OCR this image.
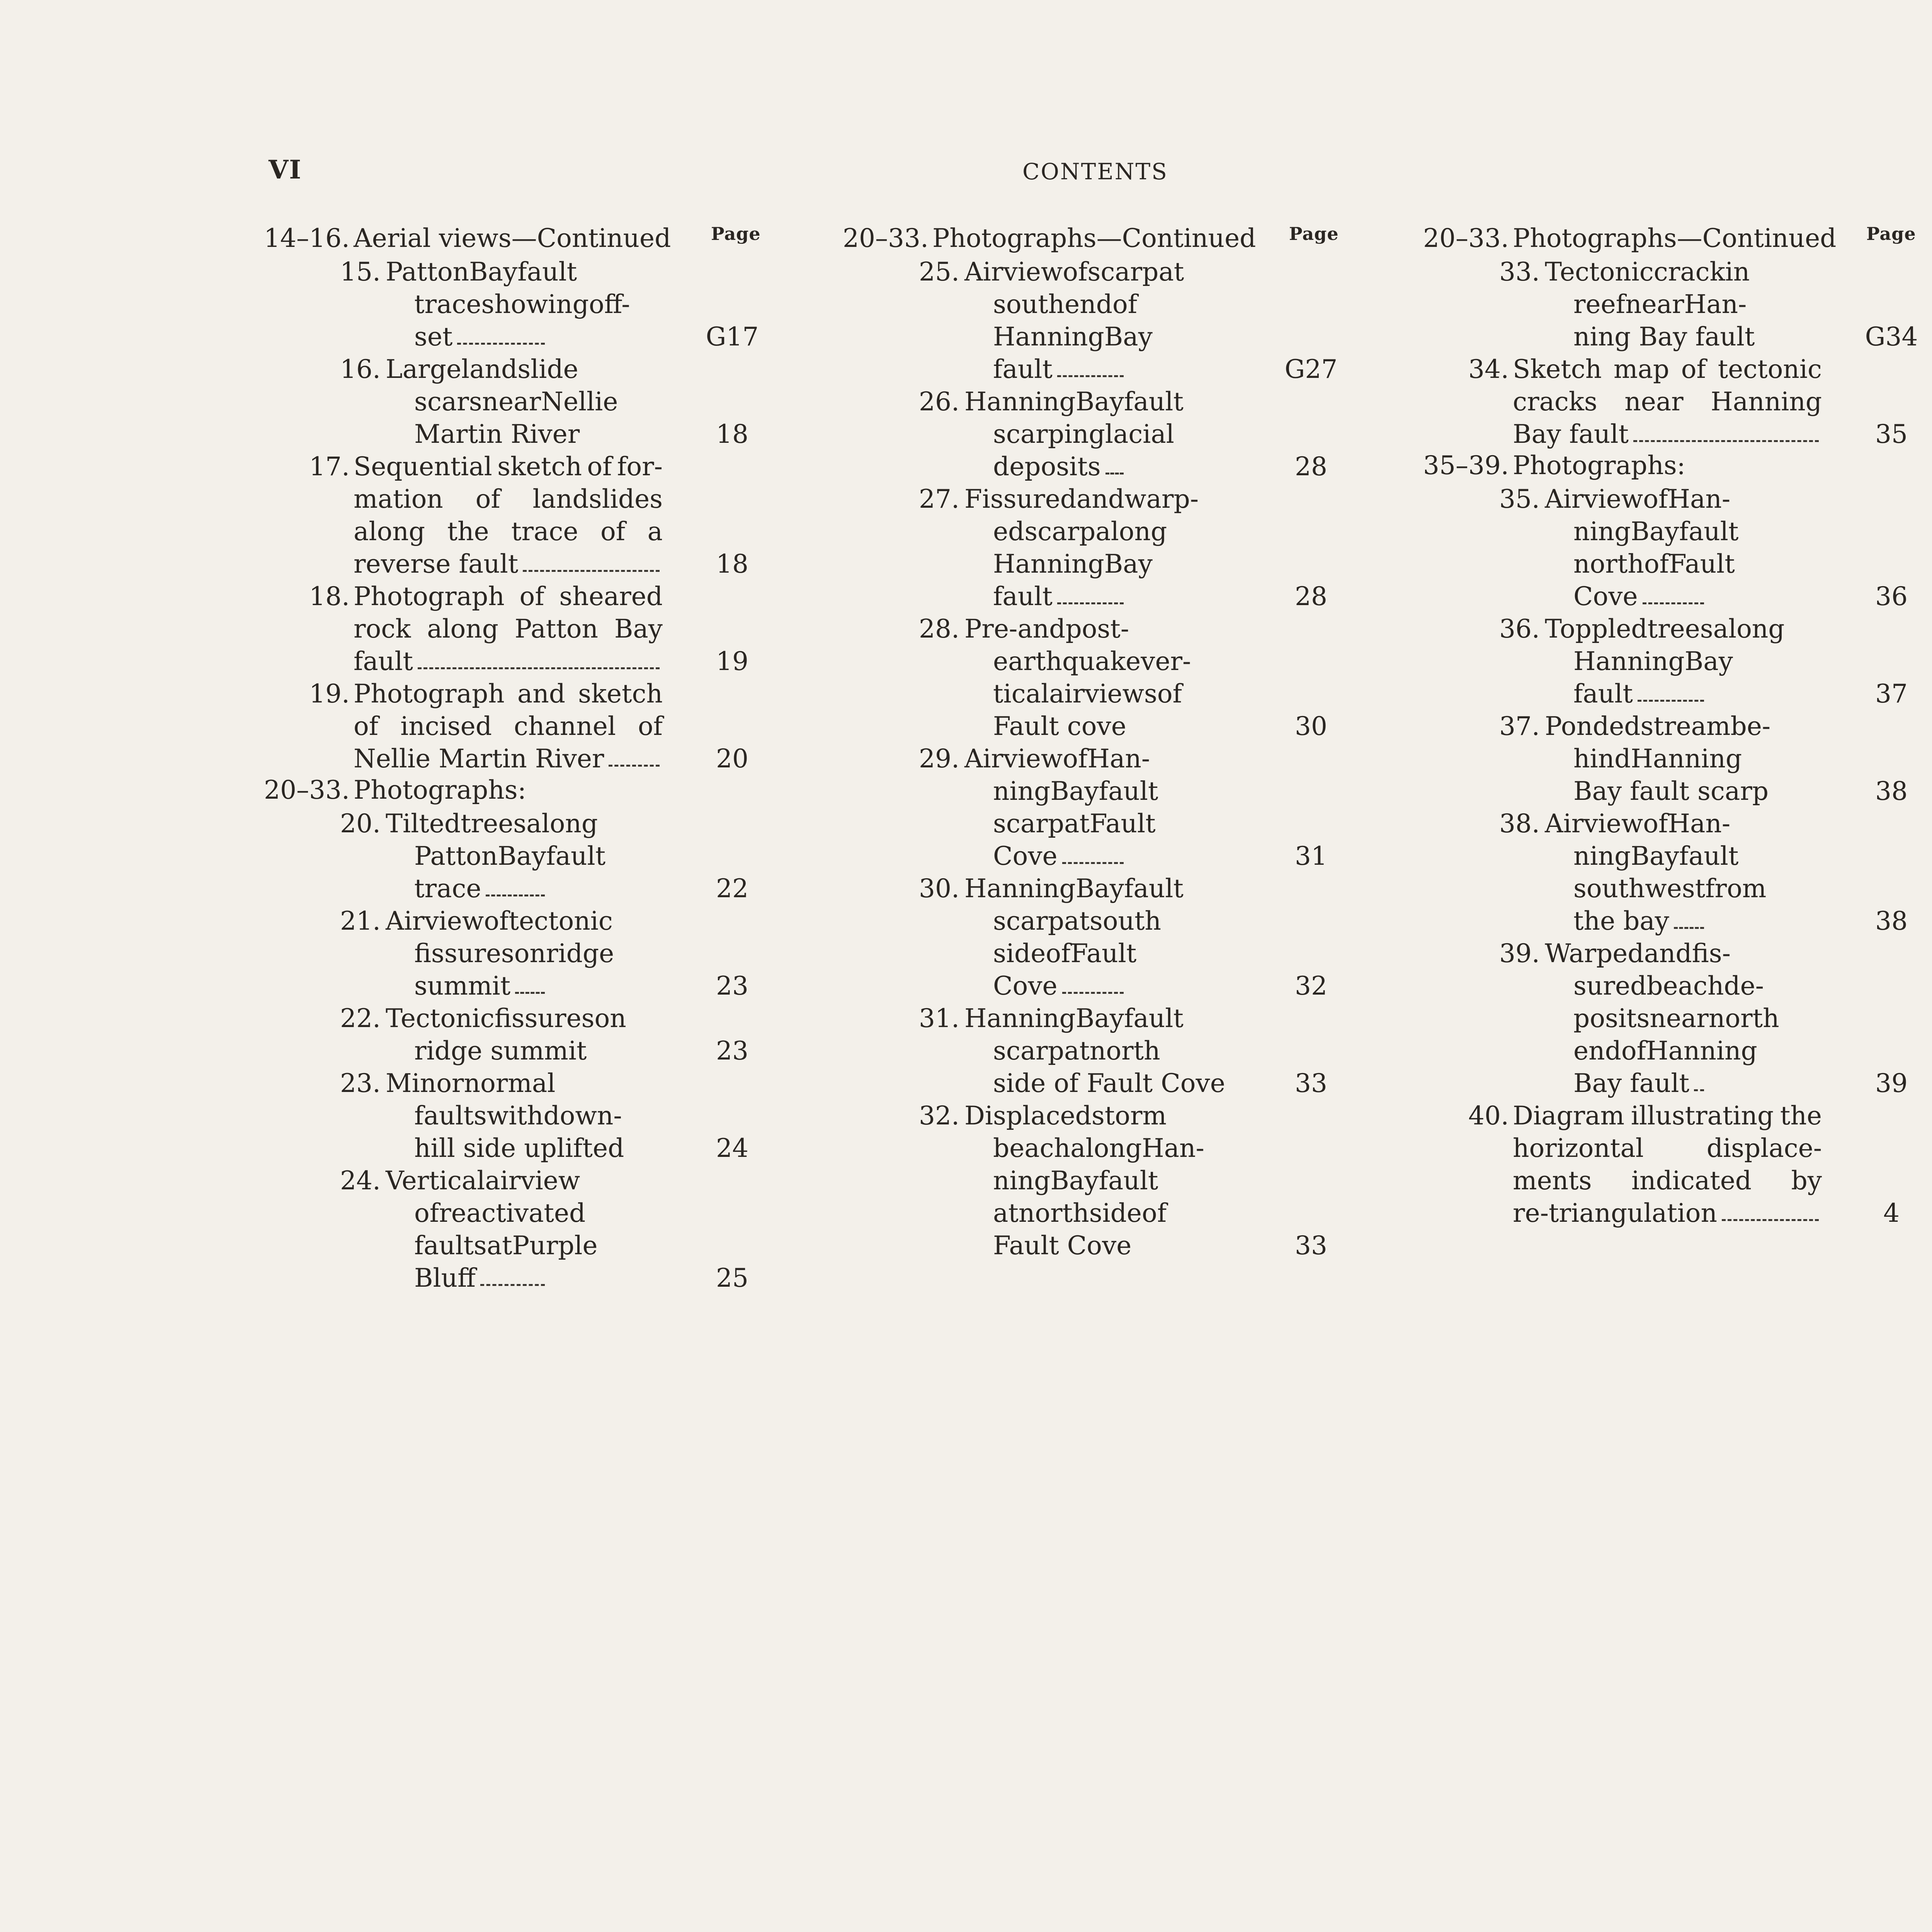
VI	CONTENTS
Page
14–16. Aerial views—Continued
15. Patton Bay fault
trace showing off-
set	G17
16. Large landslide
scars near Nellie
Martin River	18
17. Sequential sketch of for-
mation of landslides
along the trace of a
reverse fault	18
18. Photograph of sheared
rock along Patton Bay
fault	19
19. Photograph and sketch
of incised channel of
Nellie Martin River	20
20–33. Photographs:
20. Tilted trees along
Patton Bay fault
trace	22
21. Air view of tectonic
fissures on ridge
summit	23
22. Tectonic fissures on
ridge summit	23
23. Minor normal
faults with down-
hill side uplifted	24
24. Vertical air view
of reactivated
faults at Purple
Bluff	25
Page
20–33. Photographs—Continued
25. Air view of scarp at
south end of
Hanning Bay
fault	G27
26. Hanning Bay fault
scarp in glacial
deposits	28
27. Fissured and warp-
ed scarp along
Hanning Bay
fault	28
28. Pre- and post-
earthquake ver-
tical air views of
Fault cove	30
29. Air view of Han-
ning Bay fault
scarp at Fault
Cove	31
30. Hanning Bay fault
scarp at south
side of Fault
Cove	32
31. Hanning Bay fault
scarp at north
side of Fault Cove	33
32. Displaced storm
beach along Han-
ning Bay fault
at north side of
Fault Cove	33
Page
20–33. Photographs—Continued
33. Tectonic crack in
reef near Han-
ning Bay fault	G34
34. Sketch map of tectonic
cracks near Hanning
Bay fault	35
35–39. Photographs:
35. Air view of Han-
ning Bay fault
north of Fault
Cove	36
36. Toppled trees along
Hanning Bay
fault	37
37. Ponded stream be-
hind Hanning
Bay fault scarp	38
38. Air view of Han-
ning Bay fault
southwest from
the bay	38
39. Warped and fis-
sured beach de-
posits near north
end of Hanning
Bay fault	39
40. Diagram illustrating the
horizontal displace-
ments indicated by
re-triangulation	4
